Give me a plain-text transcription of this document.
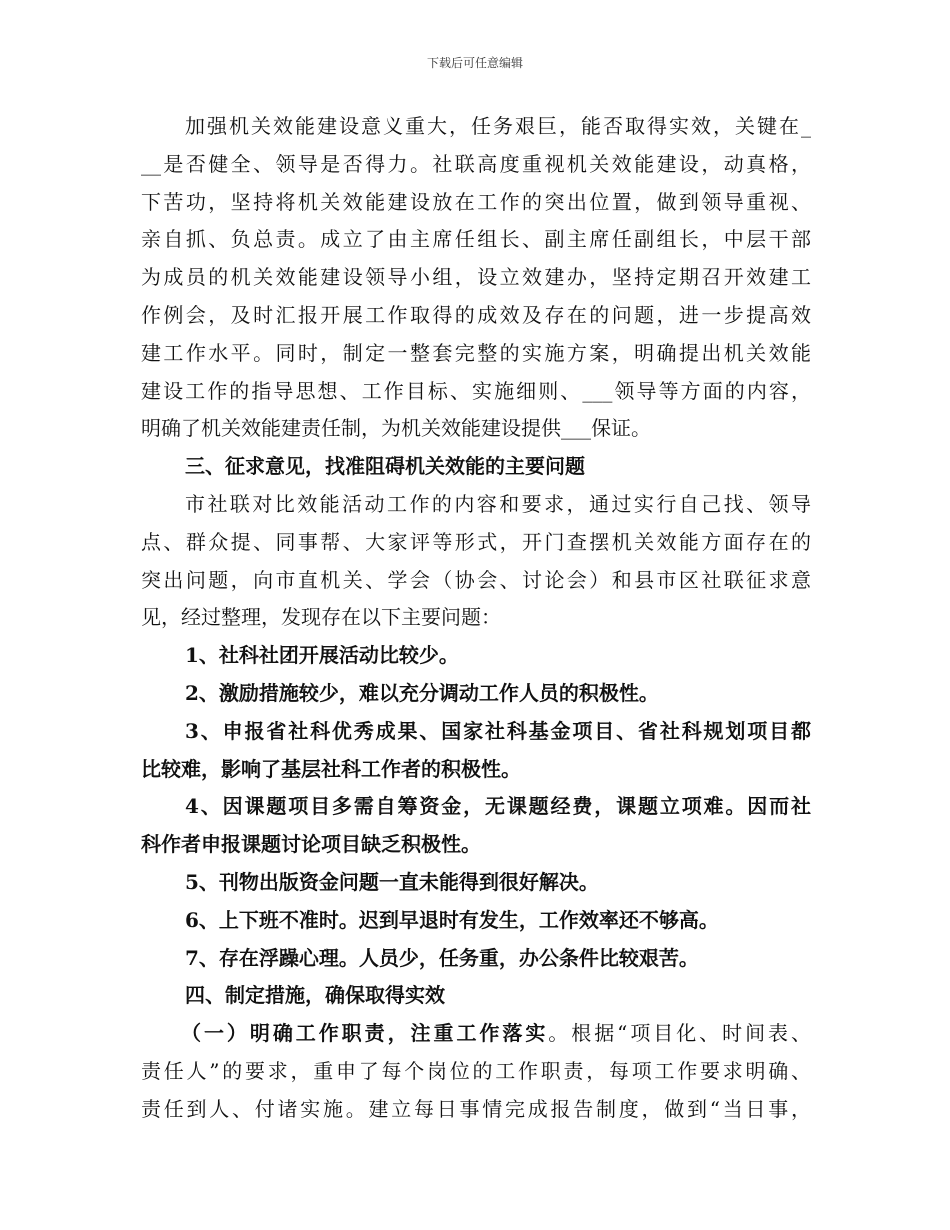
下载后可任意编辑
加强机关效能建设意义重大，任务艰巨，能否取得实效，关键在_
__是否健全、领导是否得力。社联高度重视机关效能建设，动真格，
下苦功，坚持将机关效能建设放在工作的突出位置，做到领导重视、
亲自抓、负总责。成立了由主席任组长、副主席任副组长，中层干部
为成员的机关效能建设领导小组，设立效建办，坚持定期召开效建工
作例会，及时汇报开展工作取得的成效及存在的问题，进一步提高效
建工作水平。同时，制定一整套完整的实施方案，明确提出机关效能
建设工作的指导思想、工作目标、实施细则、___领导等方面的内容，
明确了机关效能建责任制，为机关效能建设提供___保证。
三、征求意见，找准阻碍机关效能的主要问题
市社联对比效能活动工作的内容和要求，通过实行自己找、领导
点、群众提、同事帮、大家评等形式，开门查摆机关效能方面存在的
突出问题，向市直机关、学会（协会、讨论会）和县市区社联征求意
见，经过整理，发现存在以下主要问题：
1、社科社团开展活动比较少。
2、激励措施较少，难以充分调动工作人员的积极性。
3、申报省社科优秀成果、国家社科基金项目、省社科规划项目都
比较难，影响了基层社科工作者的积极性。
4、因课题项目多需自筹资金，无课题经费，课题立项难。因而社
科作者申报课题讨论项目缺乏积极性。
5、刊物出版资金问题一直未能得到很好解决。
6、上下班不准时。迟到早退时有发生，工作效率还不够高。
7、存在浮躁心理。人员少，任务重，办公条件比较艰苦。
四、制定措施，确保取得实效
（一）明确工作职责，注重工作落实。根据“项目化、时间表、
责任人”的要求，重申了每个岗位的工作职责，每项工作要求明确、
责任到人、付诸实施。建立每日事情完成报告制度，做到“当日事，
